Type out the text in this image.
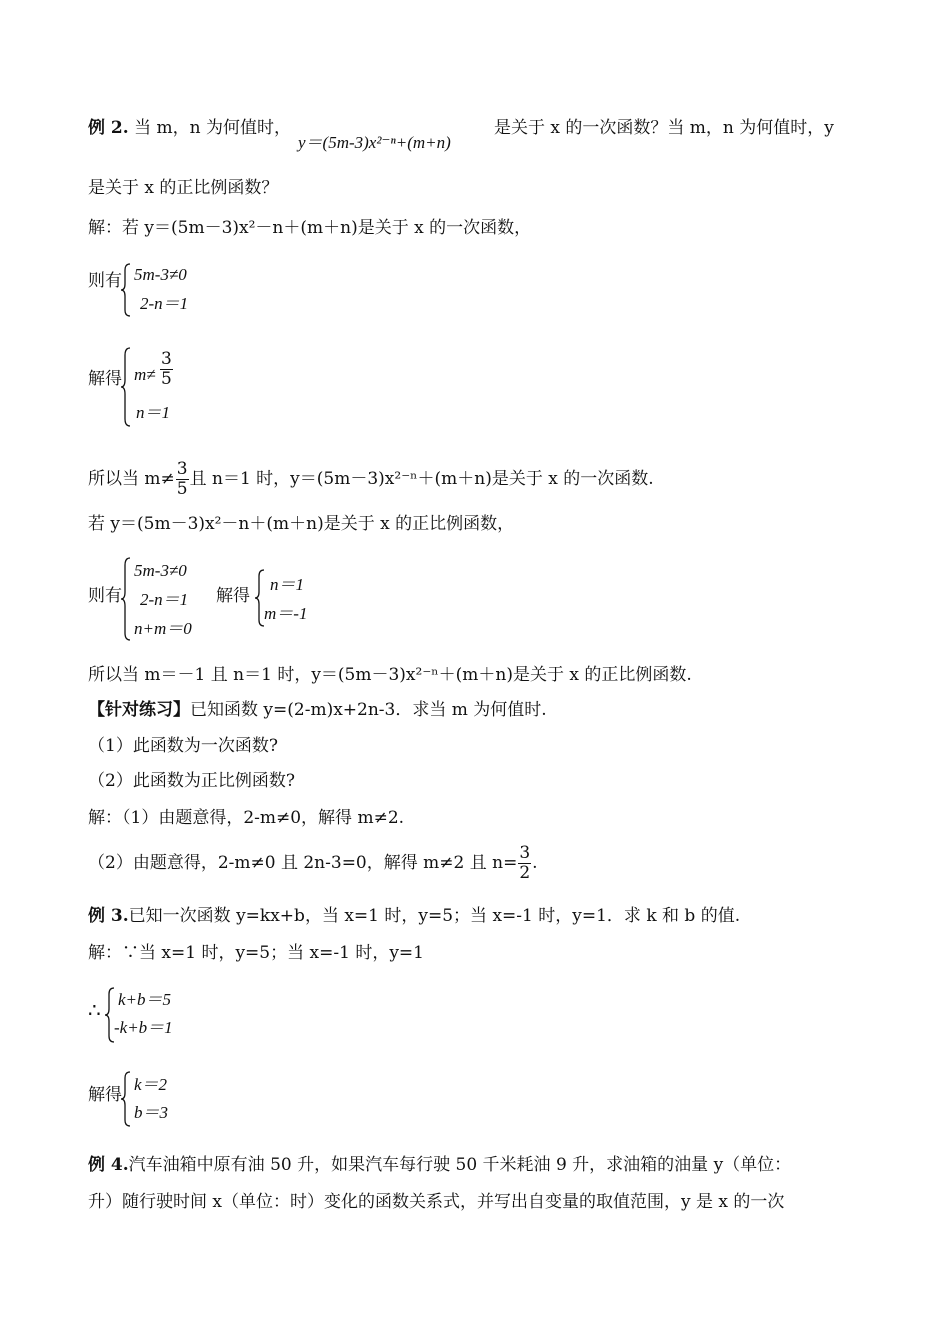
例 2. 当 m，n 为何值时，
y＝(5m-3)x²⁻ⁿ+(m+n)
是关于 x 的一次函数？当 m，n 为何值时，y
是关于 x 的正比例函数？
解：若 y＝(5m－3)x²－n＋(m＋n)是关于 x 的一次函数，
则有 5m-3≠0
2-n＝1
解得 $m\ne \frac{3}{5}$
n＝1
所以当 $m\ne \frac{3}{5}$ 且 n＝1 时，y＝(5m－3)x²⁻ⁿ＋(m＋n)是关于 x 的一次函数.
若 y＝(5m－3)x²－n＋(m＋n)是关于 x 的正比例函数，
则有
5m-3≠0
2-n＝1
n+m＝0
解得
n＝1
m＝-1
所以当 m＝－1 且 n＝1 时，y＝(5m－3)x²⁻ⁿ＋(m＋n)是关于 x 的正比例函数.
【针对练习】已知函数 y=(2-m)x+2n-3．求当 m 为何值时.
（1）此函数为一次函数?
（2）此函数为正比例函数?
解：（1）由题意得，2-m≠0，解得 m≠2.
（2）由题意得，2-m≠0 且 2n-3=0，解得 m≠2 且 $n= \frac{3}{2}$ .
例 3.已知一次函数 y=kx+b，当 x=1 时，y=5；当 x=-1 时，y=1．求 k 和 b 的值.
解：∵当 x=1 时，y=5；当 x=-1 时，y=1
∴ k+b＝5
-k+b＝1
解得
k＝2
b＝3
例 4.汽车油箱中原有油 50 升，如果汽车每行驶 50 千米耗油 9 升，求油箱的油量 y（单位：
升）随行驶时间 x（单位：时）变化的函数关系式，并写出自变量的取值范围，y 是 x 的一次
